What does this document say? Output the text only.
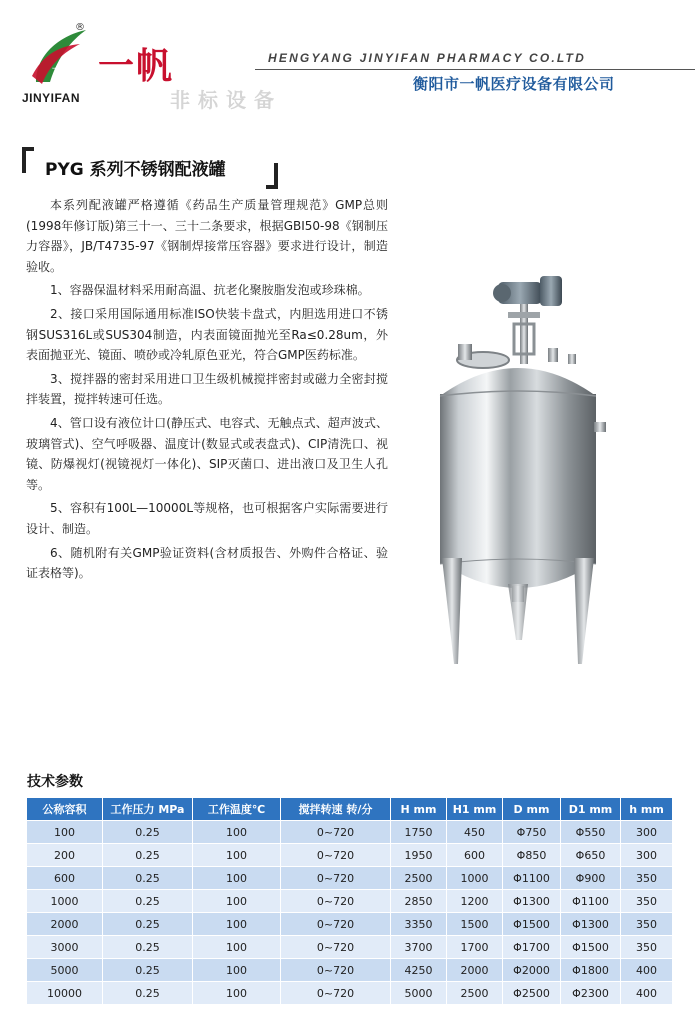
一帆
®
JINYIFAN
一帆
非标设备
HENGYANG JINYIFAN PHARMACY CO.LTD
衡阳市一帆医疗设备有限公司
PYG 系列不锈钢配液罐

本系列配液罐严格遵循《药品生产质量管理规范》GMP总则(1998年修订版)第三十一、三十二条要求，根据GBI50-98《钢制压力容器》，JB/T4735-97《钢制焊接常压容器》要求进行设计，制造验收。

1、容器保温材料采用耐高温、抗老化聚胺脂发泡或珍珠棉。

2、接口采用国际通用标准ISO快装卡盘式，内胆选用进口不锈钢SUS316L或SUS304制造，内表面镜面抛光至Ra≤0.28um，外表面抛亚光、镜面、喷砂或冷轧原色亚光，符合GMP医药标准。

3、搅拌器的密封采用进口卫生级机械搅拌密封或磁力全密封搅拌装置，搅拌转速可任选。

4、管口设有液位计口(静压式、电容式、无触点式、超声波式、玻璃管式)、空气呼吸器、温度计(数显式或表盘式)、CIP清洗口、视镜、防爆视灯(视镜视灯一体化)、SIP灭菌口、进出液口及卫生人孔等。

5、容积有100L—10000L等规格，也可根据客户实际需要进行设计、制造。

6、随机附有关GMP验证资料(含材质报告、外购件合格证、验证表格等)。

技术参数
公称容积	工作压力 MPa	工作温度℃	搅拌转速 转/分	H mm	H1 mm	D mm	D1 mm	h mm
100	0.25	100	0~720	1750	450	Φ750	Φ550	300
200	0.25	100	0~720	1950	600	Φ850	Φ650	300
600	0.25	100	0~720	2500	1000	Φ1100	Φ900	350
1000	0.25	100	0~720	2850	1200	Φ1300	Φ1100	350
2000	0.25	100	0~720	3350	1500	Φ1500	Φ1300	350
3000	0.25	100	0~720	3700	1700	Φ1700	Φ1500	350
5000	0.25	100	0~720	4250	2000	Φ2000	Φ1800	400
10000	0.25	100	0~720	5000	2500	Φ2500	Φ2300	400
